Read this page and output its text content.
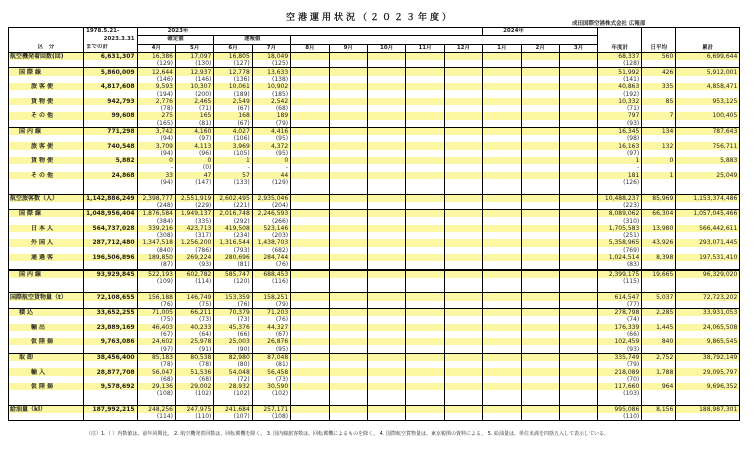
空港運用状況（２０２３年度）
成田国際空港株式会社 広報部
	1978.5.21-	2023年									2024年			年度計	日平均	累計
	2023.3.31	確定値		速報値												
区　分	までの計	4月	5月	6月	7月	8月	9月	10月	11月	12月	1月	2月	3月			
航空機発着回数(回)	6,631,307	16,386	17,097	16,805	18,049									68,337	560	6,699,644
		(129)	(130)	(127)	(125)									(128)		
国際線	5,860,009	12,644	12,937	12,778	13,633									51,992	426	5,912,001
		(146)	(146)	(136)	(138)									(141)		
旅客便	4,817,608	9,593	10,307	10,061	10,902									40,863	335	4,858,471
		(194)	(200)	(189)	(185)									(192)		
貨物便	942,793	2,776	2,465	2,549	2,542									10,332	85	953,125
		(78)	(71)	(67)	(68)									(71)		
その他	99,608	275	165	168	189									797	7	100,405
		(165)	(81)	(67)	(79)									(93)		
国内線	771,298	3,742	4,160	4,027	4,416									16,345	134	787,643
		(94)	(97)	(106)	(95)									(98)		
旅客便	740,548	3,709	4,113	3,969	4,372									16,163	132	756,711
		(94)	(96)	(105)	(95)									(97)		
貨物便	5,882	0	0	1	0									1	0	5,883
		-	(0)	-	-									-		
その他	24,868	33	47	57	44									181	1	25,049
		(94)	(147)	(133)	(129)									(126)		

航空旅客数（人）	1,142,886,249	2,398,777	2,551,919	2,602,495	2,935,046									10,488,237	85,969	1,153,374,486
		(248)	(229)	(221)	(204)									(223)		
国際線	1,048,956,404	1,876,584	1,949,137	2,016,748	2,246,593									8,089,062	66,304	1,057,045,466
		(384)	(335)	(292)	(266)									(310)		
日本人	564,737,028	339,216	423,713	419,508	523,146									1,705,583	13,980	566,442,611
		(308)	(317)	(234)	(203)									(251)		
外国人	287,712,480	1,347,518	1,256,200	1,316,544	1,438,703									5,358,965	43,926	293,071,445
		(840)	(786)	(793)	(682)									(769)		
通過客	196,506,896	189,850	269,224	280,696	284,744									1,024,514	8,398	197,531,410
		(87)	(93)	(81)	(76)									(83)		
国内線	93,929,845	522,193	602,782	585,747	688,453									2,399,175	19,665	96,329,020
		(109)	(114)	(120)	(116)									(115)		

国際航空貨物量（t）	72,108,655	156,188	146,749	153,359	158,251									614,547	5,037	72,723,202
		(76)	(75)	(76)	(79)									(77)		
積込	33,652,255	71,005	66,211	70,379	71,203									278,798	2,285	33,931,053
		(75)	(73)	(73)	(76)									(74)		
輸出	23,889,169	46,403	40,233	45,376	44,327									176,339	1,445	24,065,508
		(67)	(64)	(66)	(67)									(66)		
仮陸揚	9,763,086	24,602	25,978	25,003	26,876									102,459	840	9,865,545
		(97)	(91)	(90)	(95)									(93)		
取卸	38,456,400	85,183	80,538	82,980	87,048									335,749	2,752	38,792,149
		(78)	(78)	(80)	(81)									(79)		
輸入	28,877,708	56,047	51,536	54,048	56,458									218,089	1,788	29,095,797
		(68)	(68)	(72)	(73)									(70)		
仮陸揚	9,578,692	29,136	29,002	28,932	30,590									117,660	964	9,696,352
		(108)	(102)	(102)	(102)									(103)		

給油量（kl）	187,992,215	248,256	247,975	241,684	257,171									995,086	8,156	188,987,301
		(114)	(110)	(107)	(108)									(110)		
（注）1.（ ）内数値は、前年同期比。 2. 航空機発着回数は、回転翼機を除く。 3. 国内線旅客数は、回転翼機によるものを除く。 4. 国際航空貨物量は、東京税関の資料による。 5. 給油量は、単位未満を四捨五入して表示している。
